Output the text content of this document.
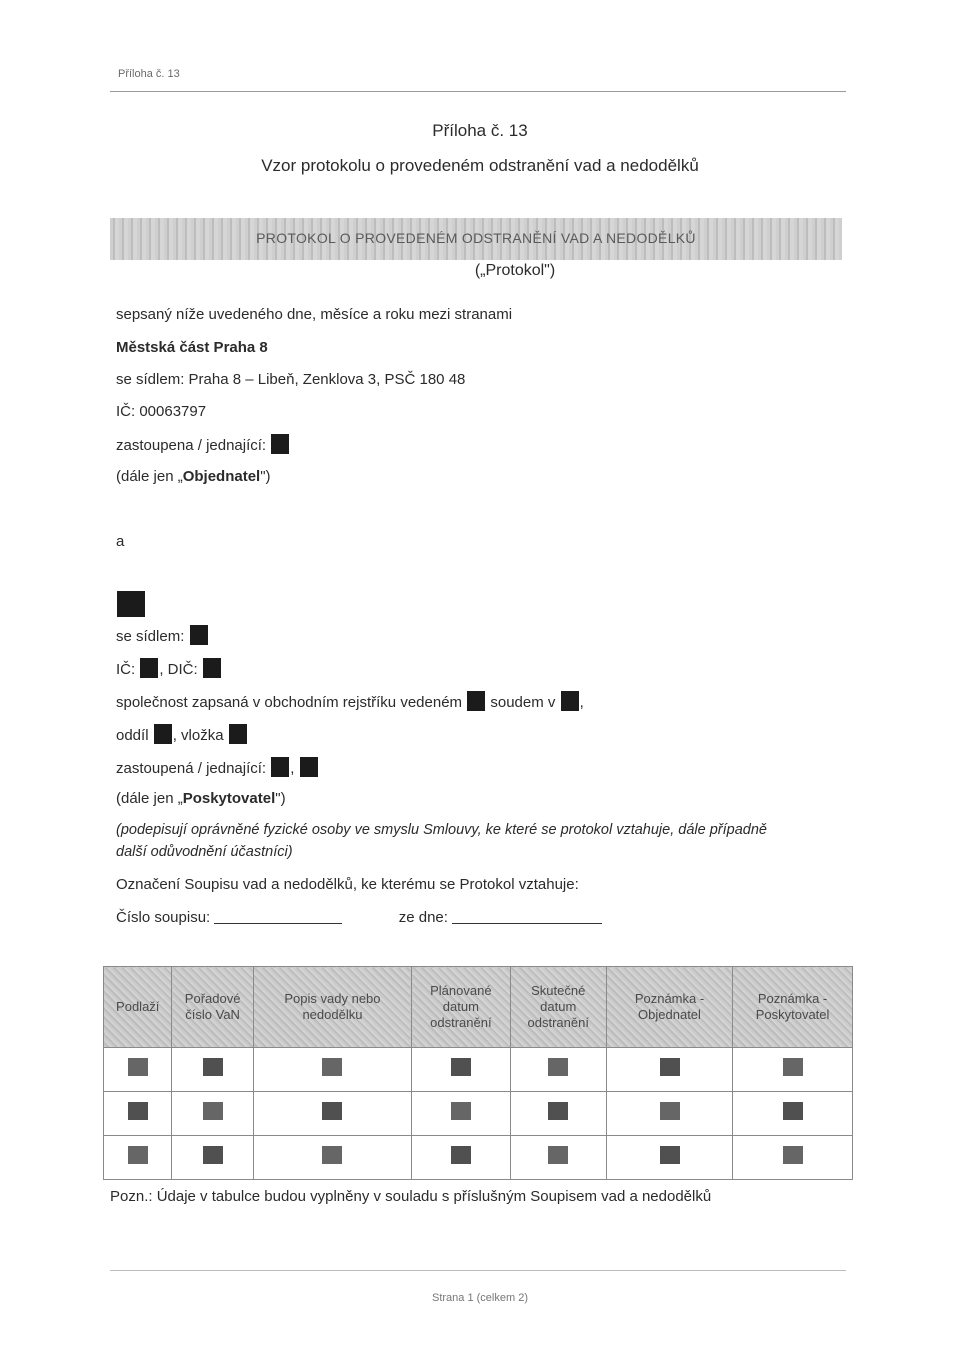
Příloha č. 13
Příloha č. 13
Vzor protokolu o provedeném odstranění vad a nedodělků
PROTOKOL O PROVEDENÉM ODSTRANĚNÍ VAD A NEDODĚLKŮ
(„Protokol")
sepsaný níže uvedeného dne, měsíce a roku mezi stranami
Městská část Praha 8
se sídlem: Praha 8 – Libeň, Zenklova 3, PSČ 180 48
IČ: 00063797
zastoupena / jednající:
(dále jen „Objednatel")
a
se sídlem:
IČ: , DIČ:
společnost zapsaná v obchodním rejstříku vedeném soudem v ,
oddíl , vložka
zastoupená / jednající: ,
(dále jen „Poskytovatel")
(podepisují oprávněné fyzické osoby ve smyslu Smlouvy, ke které se protokol vztahuje, dále případně
další odůvodnění účastníci)
Označení Soupisu vad a nedodělků, ke kterému se Protokol vztahuje:
Číslo soupisu:	ze dne:
Podlaží	Pořadové číslo VaN	Popis vady nebo nedodělku	Plánované datum odstranění	Skutečné datum odstranění	Poznámka - Objednatel	Poznámka - Poskytovatel

Pozn.: Údaje v tabulce budou vyplněny v souladu s příslušným Soupisem vad a nedodělků
Strana 1 (celkem 2)
